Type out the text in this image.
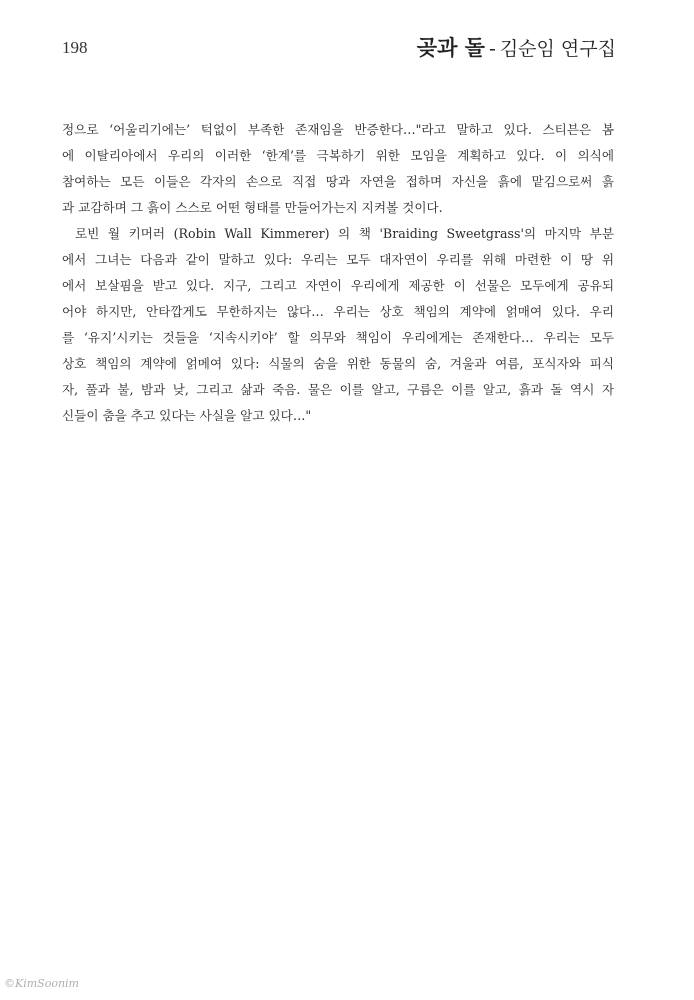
198	곶과 돌 - 김순임 연구집
정으로 ‘어울리기에는’ 턱없이 부족한 존재임을 반증한다…"라고 말하고 있다. 스티븐은 봄
에 이탈리아에서 우리의 이러한 ‘한계’를 극복하기 위한 모임을 계획하고 있다. 이 의식에
참여하는 모든 이들은 각자의 손으로 직접 땅과 자연을 접하며 자신을 흙에 맡김으로써 흙
과 교감하며 그 흙이 스스로 어떤 형태를 만들어가는지 지켜볼 것이다.
로빈 월 키머러 (Robin Wall Kimmerer) 의 책 'Braiding Sweetgrass'의 마지막 부분
에서 그녀는 다음과 같이 말하고 있다: 우리는 모두 대자연이 우리를 위해 마련한 이 땅 위
에서 보살핌을 받고 있다. 지구, 그리고 자연이 우리에게 제공한 이 선물은 모두에게 공유되
어야 하지만, 안타깝게도 무한하지는 않다… 우리는 상호 책임의 계약에 얽매여 있다. 우리
를 ‘유지’시키는 것들을 ‘지속시키야’ 할 의무와 책임이 우리에게는 존재한다… 우리는 모두
상호 책임의 계약에 얽메여 있다: 식물의 숨을 위한 동물의 숨, 겨울과 여름, 포식자와 피식
자, 풀과 불, 밤과 낮, 그리고 삶과 죽음. 물은 이를 알고, 구름은 이를 알고, 흙과 돌 역시 자
신들이 춤을 추고 있다는 사실을 알고 있다…"
©KimSoonim
